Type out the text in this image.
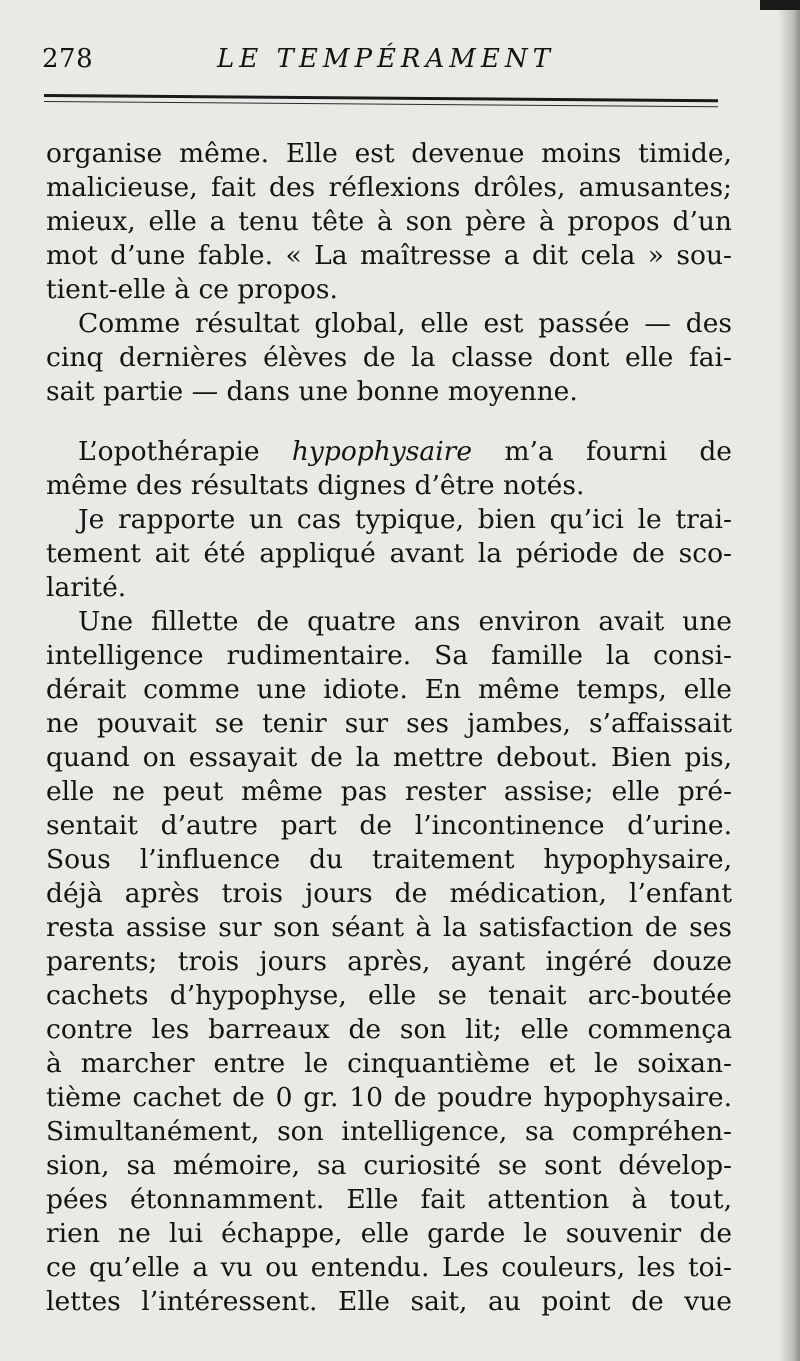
278	LE TEMPÉRAMENT
organise même. Elle est devenue moins timide,
malicieuse, fait des réflexions drôles, amusantes;
mieux, elle a tenu tête à son père à propos d’un
mot d’une fable. « La maîtresse a dit cela » sou-
tient-elle à ce propos.
Comme résultat global, elle est passée — des
cinq dernières élèves de la classe dont elle fai-
sait partie — dans une bonne moyenne.
L’opothérapie hypophysaire m’a fourni de
même des résultats dignes d’être notés.
Je rapporte un cas typique, bien qu’ici le trai-
tement ait été appliqué avant la période de sco-
larité.
Une fillette de quatre ans environ avait une
intelligence rudimentaire. Sa famille la consi-
dérait comme une idiote. En même temps, elle
ne pouvait se tenir sur ses jambes, s’affaissait
quand on essayait de la mettre debout. Bien pis,
elle ne peut même pas rester assise; elle pré-
sentait d’autre part de l’incontinence d’urine.
Sous l’influence du traitement hypophysaire,
déjà après trois jours de médication, l’enfant
resta assise sur son séant à la satisfaction de ses
parents; trois jours après, ayant ingéré douze
cachets d’hypophyse, elle se tenait arc-boutée
contre les barreaux de son lit; elle commença
à marcher entre le cinquantième et le soixan-
tième cachet de 0 gr. 10 de poudre hypophysaire.
Simultanément, son intelligence, sa compréhen-
sion, sa mémoire, sa curiosité se sont dévelop-
pées étonnamment. Elle fait attention à tout,
rien ne lui échappe, elle garde le souvenir de
ce qu’elle a vu ou entendu. Les couleurs, les toi-
lettes l’intéressent. Elle sait, au point de vue
